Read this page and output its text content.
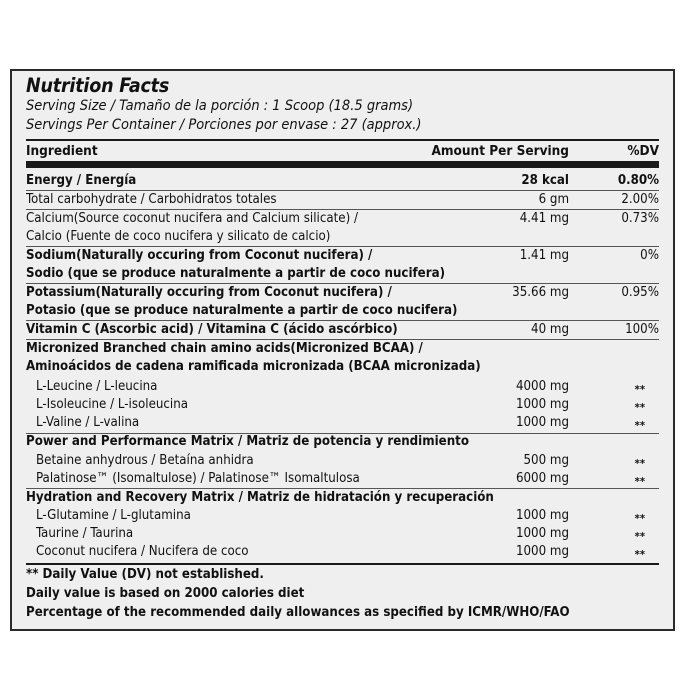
Nutrition Facts
Serving Size / Tamaño de la porción : 1 Scoop (18.5 grams)
Servings Per Container / Porciones por envase : 27 (approx.)
Ingredient	Amount Per Serving	%DV
Energy / Energía	28 kcal	0.80%
Total carbohydrate / Carbohidratos totales	6 gm	2.00%
Calcium(Source coconut nucifera and Calcium silicate) /	4.41 mg	0.73%
Calcio (Fuente de coco nucifera y silicato de calcio)
Sodium(Naturally occuring from Coconut nucifera) /	1.41 mg	0%
Sodio (que se produce naturalmente a partir de coco nucifera)
Potassium(Naturally occuring from Coconut nucifera) /	35.66 mg	0.95%
Potasio (que se produce naturalmente a partir de coco nucifera)
Vitamin C (Ascorbic acid) / Vitamina C (ácido ascórbico)	40 mg	100%
Micronized Branched chain amino acids(Micronized BCAA) /
Aminoácidos de cadena ramificada micronizada (BCAA micronizada)
L-Leucine / L-leucina	4000 mg	**
L-Isoleucine / L-isoleucina	1000 mg	**
L-Valine / L-valina	1000 mg	**
Power and Performance Matrix / Matriz de potencia y rendimiento
Betaine anhydrous / Betaína anhidra	500 mg	**
Palatinose™ (Isomaltulose) / Palatinose™ Isomaltulosa	6000 mg	**
Hydration and Recovery Matrix / Matriz de hidratación y recuperación
L-Glutamine / L-glutamina	1000 mg	**
Taurine / Taurina	1000 mg	**
Coconut nucifera / Nucifera de coco	1000 mg	**
** Daily Value (DV) not established.
Daily value is based on 2000 calories diet
Percentage of the recommended daily allowances as specified by ICMR/WHO/FAO
